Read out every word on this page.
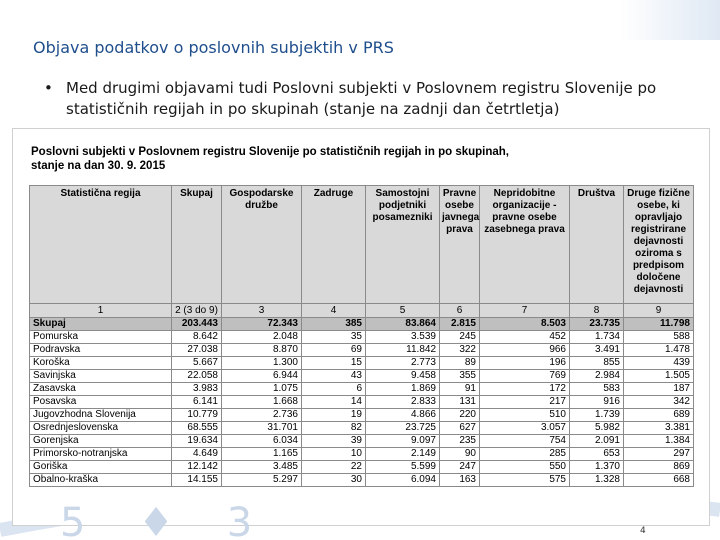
Objava podatkov o poslovnih subjektih v PRS
• Med drugimi objavami tudi Poslovni subjekti v Poslovnem registru Slovenije po statističnih regijah in po skupinah (stanje na zadnji dan četrtletja)
Poslovni subjekti v Poslovnem registru Slovenije po statističnih regijah in po skupinah,
stanje na dan 30. 9. 2015
Statistična regija	Skupaj	Gospodarske družbe	Zadruge	Samostojni podjetniki posamezniki	Pravne osebe javnega prava	Nepridobitne organizacije - pravne osebe zasebnega prava	Društva	Druge fizične osebe, ki opravljajo registrirane dejavnosti oziroma s predpisom določene dejavnosti
1	2 (3 do 9)	3	4	5	6	7	8	9
Skupaj	203.443	72.343	385	83.864	2.815	8.503	23.735	11.798
Pomurska	8.642	2.048	35	3.539	245	452	1.734	588
Podravska	27.038	8.870	69	11.842	322	966	3.491	1.478
Koroška	5.667	1.300	15	2.773	89	196	855	439
Savinjska	22.058	6.944	43	9.458	355	769	2.984	1.505
Zasavska	3.983	1.075	6	1.869	91	172	583	187
Posavska	6.141	1.668	14	2.833	131	217	916	342
Jugovzhodna Slovenija	10.779	2.736	19	4.866	220	510	1.739	689
Osrednjeslovenska	68.555	31.701	82	23.725	627	3.057	5.982	3.381
Gorenjska	19.634	6.034	39	9.097	235	754	2.091	1.384
Primorsko-notranjska	4.649	1.165	10	2.149	90	285	653	297
Goriška	12.142	3.485	22	5.599	247	550	1.370	869
Obalno-kraška	14.155	5.297	30	6.094	163	575	1.328	668
5 ♦ 3	4
